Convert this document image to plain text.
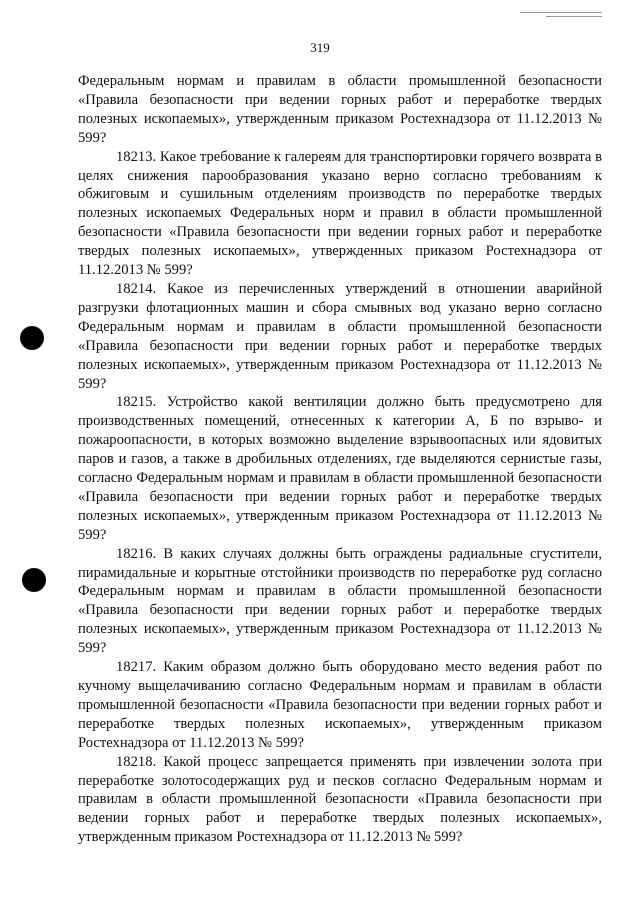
319

Федеральным нормам и правилам в области промышленной безопасности «Правила безопасности при ведении горных работ и переработке твердых полезных ископаемых», утвержденным приказом Ростехнадзора от 11.12.2013 № 599?

18213. Какое требование к галереям для транспортировки горячего возврата в целях снижения парообразования указано верно согласно требованиям к обжиговым и сушильным отделениям производств по переработке твердых полезных ископаемых Федеральных норм и правил в области промышленной безопасности «Правила безопасности при ведении горных работ и переработке твердых полезных ископаемых», утвержденных приказом Ростехнадзора от 11.12.2013 № 599?

18214. Какое из перечисленных утверждений в отношении аварийной разгрузки флотационных машин и сбора смывных вод указано верно согласно Федеральным нормам и правилам в области промышленной безопасности «Правила безопасности при ведении горных работ и переработке твердых полезных ископаемых», утвержденным приказом Ростехнадзора от 11.12.2013 № 599?

18215. Устройство какой вентиляции должно быть предусмотрено для производственных помещений, отнесенных к категории А, Б по взрыво- и пожароопасности, в которых возможно выделение взрывоопасных или ядовитых паров и газов, а также в дробильных отделениях, где выделяются сернистые газы, согласно Федеральным нормам и правилам в области промышленной безопасности «Правила безопасности при ведении горных работ и переработке твердых полезных ископаемых», утвержденным приказом Ростехнадзора от 11.12.2013 № 599?

18216. В каких случаях должны быть ограждены радиальные сгустители, пирамидальные и корытные отстойники производств по переработке руд согласно Федеральным нормам и правилам в области промышленной безопасности «Правила безопасности при ведении горных работ и переработке твердых полезных ископаемых», утвержденным приказом Ростехнадзора от 11.12.2013 № 599?

18217. Каким образом должно быть оборудовано место ведения работ по кучному выщелачиванию согласно Федеральным нормам и правилам в области промышленной безопасности «Правила безопасности при ведении горных работ и переработке твердых полезных ископаемых», утвержденным приказом Ростехнадзора от 11.12.2013 № 599?

18218. Какой процесс запрещается применять при извлечении золота при переработке золотосодержащих руд и песков согласно Федеральным нормам и правилам в области промышленной безопасности «Правила безопасности при ведении горных работ и переработке твердых полезных ископаемых», утвержденным приказом Ростехнадзора от 11.12.2013 № 599?
